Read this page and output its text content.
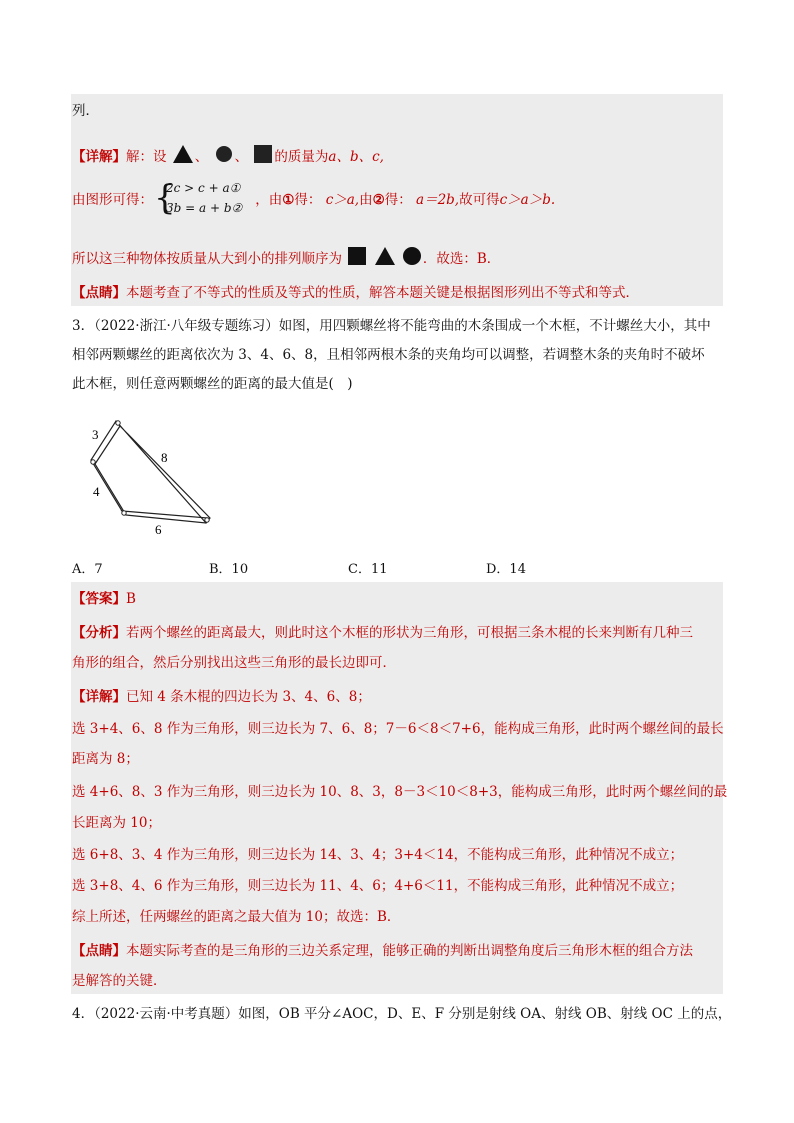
列．
【详解】解：设 、 、 的质量为a、b、c,
由图形可得：	，由①得： c＞a,由②得： a＝2b,故可得c＞a＞b.
{
2c > c + a①
3b = a + b②
所以这三种物体按质量从大到小的排列顺序为	．故选：B．
【点睛】本题考查了不等式的性质及等式的性质，解答本题关键是根据图形列出不等式和等式．
3．（2022·浙江·八年级专题练习）如图，用四颗螺丝将不能弯曲的木条围成一个木框，不计螺丝大小，其中
相邻两颗螺丝的距离依次为 3、4、6、8，且相邻两根木条的夹角均可以调整，若调整木条的夹角时不破坏
此木框，则任意两颗螺丝的距离的最大值是(　)
3
8
4
6
A．7	B．10	C．11	D．14
【答案】B
【分析】若两个螺丝的距离最大，则此时这个木框的形状为三角形，可根据三条木棍的长来判断有几种三
角形的组合，然后分别找出这些三角形的最长边即可．
【详解】已知 4 条木棍的四边长为 3、4、6、8；
选 3+4、6、8 作为三角形，则三边长为 7、6、8；7－6＜8＜7+6，能构成三角形，此时两个螺丝间的最长
距离为 8；
选 4+6、8、3 作为三角形，则三边长为 10、8、3，8－3＜10＜8+3，能构成三角形，此时两个螺丝间的最
长距离为 10；
选 6+8、3、4 作为三角形，则三边长为 14、3、4；3+4＜14，不能构成三角形，此种情况不成立；
选 3+8、4、6 作为三角形，则三边长为 11、4、6；4+6＜11，不能构成三角形，此种情况不成立；
综上所述，任两螺丝的距离之最大值为 10；故选：B．
【点睛】本题实际考查的是三角形的三边关系定理，能够正确的判断出调整角度后三角形木框的组合方法
是解答的关键．
4．（2022·云南·中考真题）如图，OB 平分∠AOC，D、E、F 分别是射线 OA、射线 OB、射线 OC 上的点，
